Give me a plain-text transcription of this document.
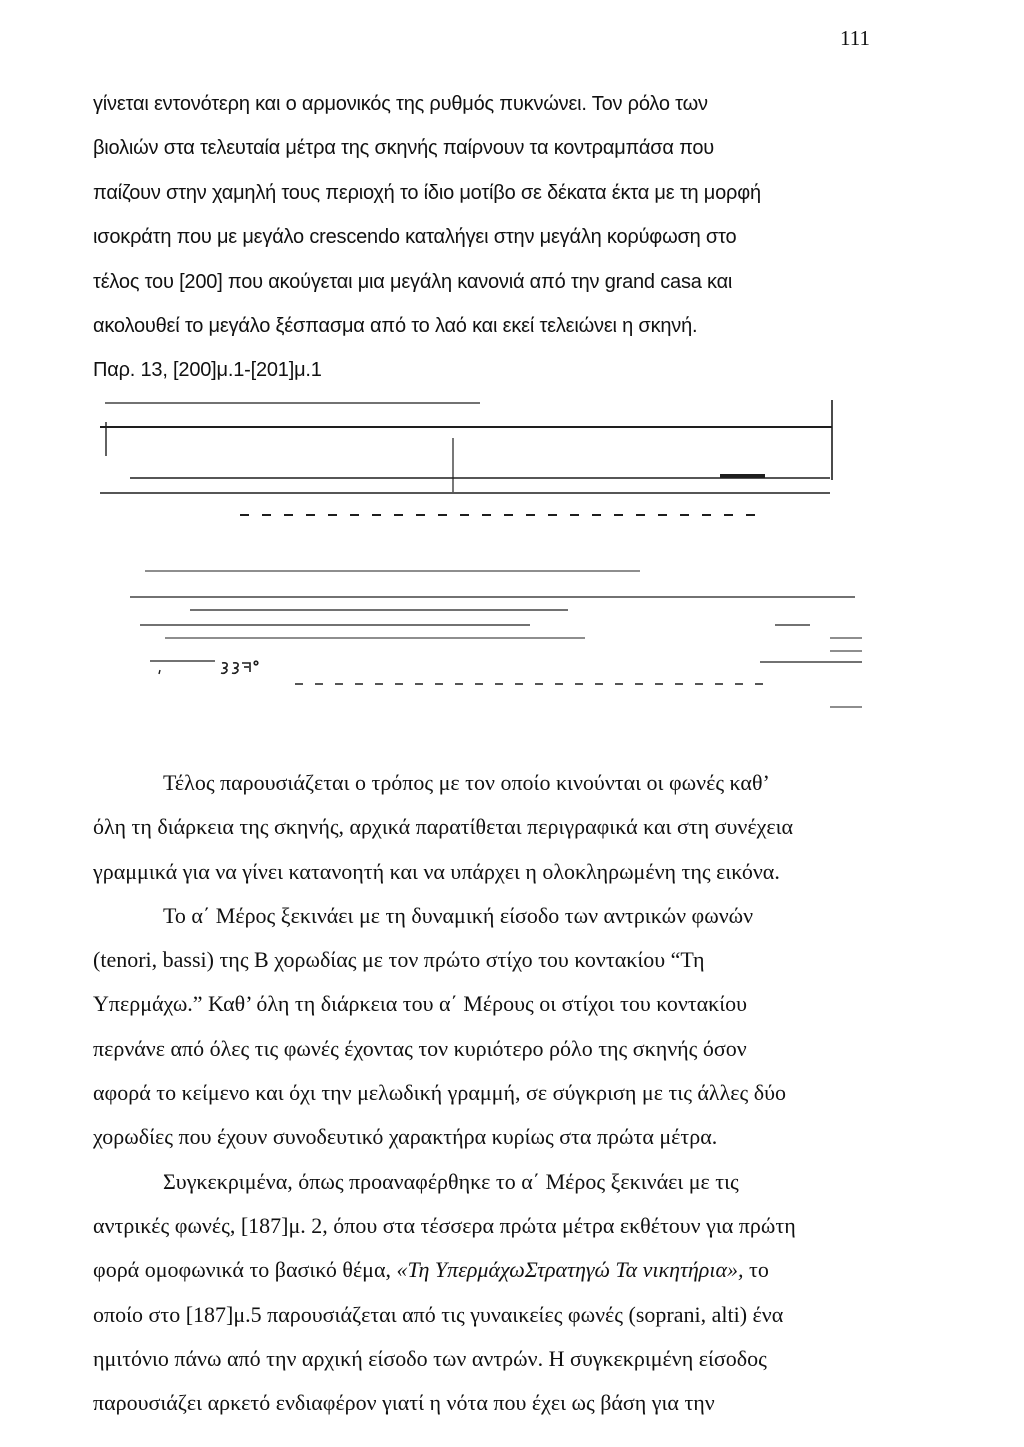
111
γίνεται εντονότερη και ο αρμονικός της ρυθμός πυκνώνει. Τον ρόλο των
βιολιών στα τελευταία μέτρα της σκηνής παίρνουν τα κοντραμπάσα που
παίζουν στην χαμηλή τους περιοχή το ίδιο μοτίβο σε δέκατα έκτα με τη μορφή
ισοκράτη που με μεγάλο crescendo καταλήγει στην μεγάλη κορύφωση στο
τέλος του [200] που ακούγεται μια μεγάλη κανονιά από την grand casa και
ακολουθεί το μεγάλο ξέσπασμα από το λαό και εκεί τελειώνει η σκηνή.
Παρ. 13, [200]μ.1-[201]μ.1
Τέλος παρουσιάζεται ο τρόπος με τον οποίο κινούνται οι φωνές καθ’
όλη τη διάρκεια της σκηνής, αρχικά παρατίθεται περιγραφικά και στη συνέχεια
γραμμικά για να γίνει κατανοητή και να υπάρχει η ολοκληρωμένη της εικόνα.
Το α΄ Μέρος ξεκινάει με τη δυναμική είσοδο των αντρικών φωνών
(tenori, bassi) της Β χορωδίας με τον πρώτο στίχο του κοντακίου “Τη
Υπερμάχω.” Καθ’ όλη τη διάρκεια του α΄ Μέρους οι στίχοι του κοντακίου
περνάνε από όλες τις φωνές έχοντας τον κυριότερο ρόλο της σκηνής όσον
αφορά το κείμενο και όχι την μελωδική γραμμή, σε σύγκριση με τις άλλες δύο
χορωδίες που έχουν συνοδευτικό χαρακτήρα κυρίως στα πρώτα μέτρα.
Συγκεκριμένα, όπως προαναφέρθηκε το α΄ Μέρος ξεκινάει με τις
αντρικές φωνές, [187]μ. 2, όπου στα τέσσερα πρώτα μέτρα εκθέτουν για πρώτη
φορά ομοφωνικά το βασικό θέμα, «Τη ΥπερμάχωΣτρατηγώ Τα νικητήρια», το
οποίο στο [187]μ.5 παρουσιάζεται από τις γυναικείες φωνές (soprani, alti) ένα
ημιτόνιο πάνω από την αρχική είσοδο των αντρών. Η συγκεκριμένη είσοδος
παρουσιάζει αρκετό ενδιαφέρον γιατί η νότα που έχει ως βάση για την
